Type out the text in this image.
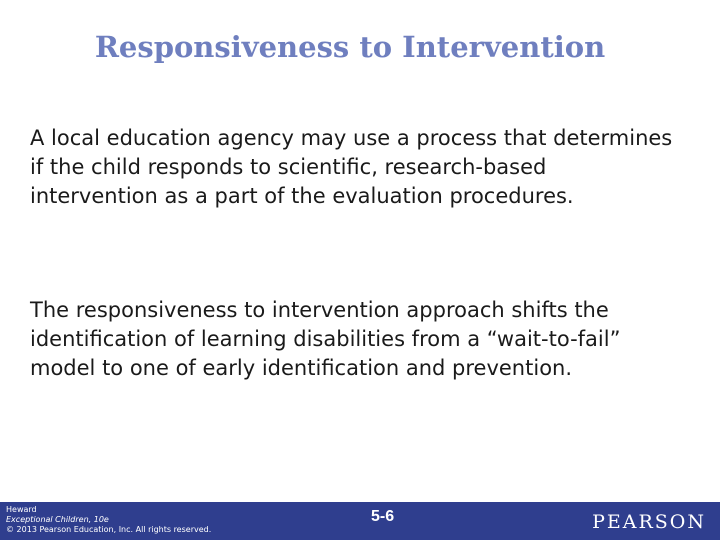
Responsiveness to Intervention

A local education agency may use a process that determines if the child responds to scientific, research-based intervention as a part of the evaluation procedures.

The responsiveness to intervention approach shifts the identification of learning disabilities from a “wait-to-fail” model to one of early identification and prevention.

Heward
Exceptional Children, 10e
© 2013 Pearson Education, Inc. All rights reserved.
5-6	PEARSON
